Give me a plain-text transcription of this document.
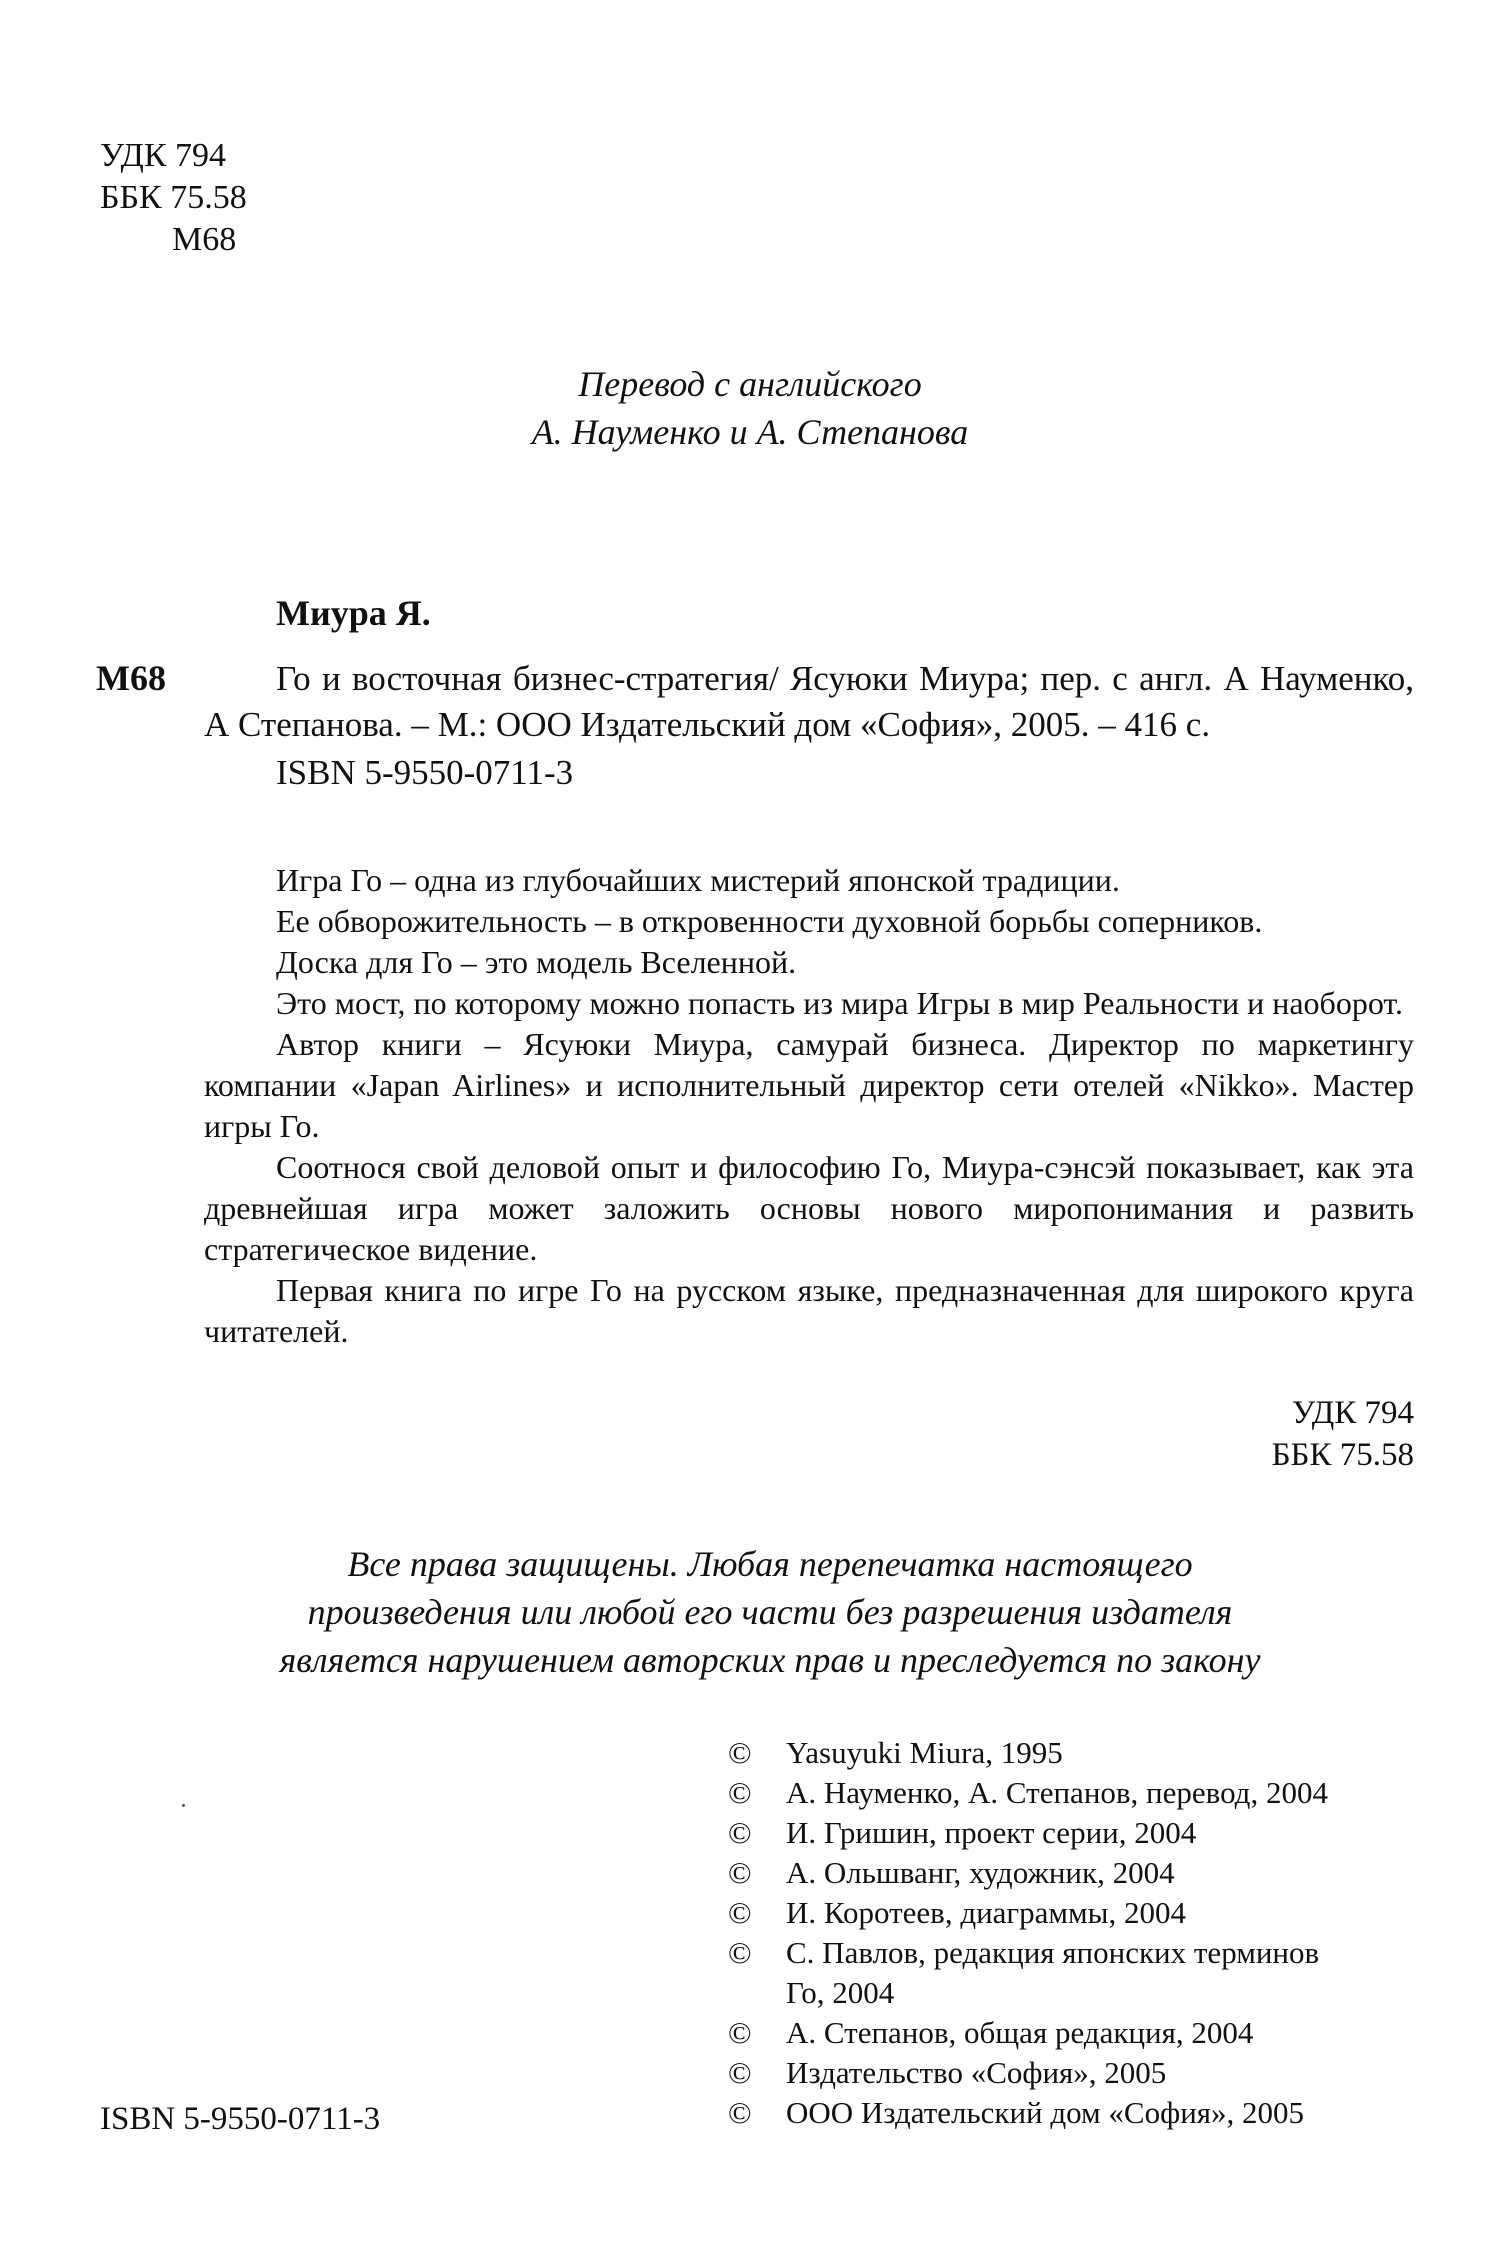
УДК 794
ББК 75.58
М68
Перевод с английского
А. Науменко и А. Степанова
М68
Миура Я.

Го и восточная бизнес-стратегия/ Ясуюки Миура; пер. с англ. А Науменко, А Степанова. – М.: ООО Издательский дом «София», 2005. – 416 с.

ISBN 5-9550-0711-3

Игра Го – одна из глубочайших мистерий японской традиции.

Ее обворожительность – в откровенности духовной борьбы соперников.

Доска для Го – это модель Вселенной.

Это мост, по которому можно попасть из мира Игры в мир Реальности и наоборот.

Автор книги – Ясуюки Миура, самурай бизнеса. Директор по маркетингу компании «Japan Airlines» и исполнительный директор сети отелей «Nikko». Мастер игры Го.

Соотнося свой деловой опыт и философию Го, Миура-сэнсэй показывает, как эта древнейшая игра может заложить основы нового миропонимания и развить стратегическое видение.

Первая книга по игре Го на русском языке, предназначенная для широкого круга читателей.

УДК 794
ББК 75.58
Все права защищены. Любая перепечатка настоящего
произведения или любой его части без разрешения издателя
является нарушением авторских прав и преследуется по закону
© Yasuyuki Miura, 1995
© А. Науменко, А. Степанов, перевод, 2004
© И. Гришин, проект серии, 2004
© А. Ольшванг, художник, 2004
© И. Коротеев, диаграммы, 2004
© С. Павлов, редакция японских терминов
Го, 2004
© А. Степанов, общая редакция, 2004
© Издательство «София», 2005
© ООО Издательский дом «София», 2005
ISBN 5-9550-0711-3
